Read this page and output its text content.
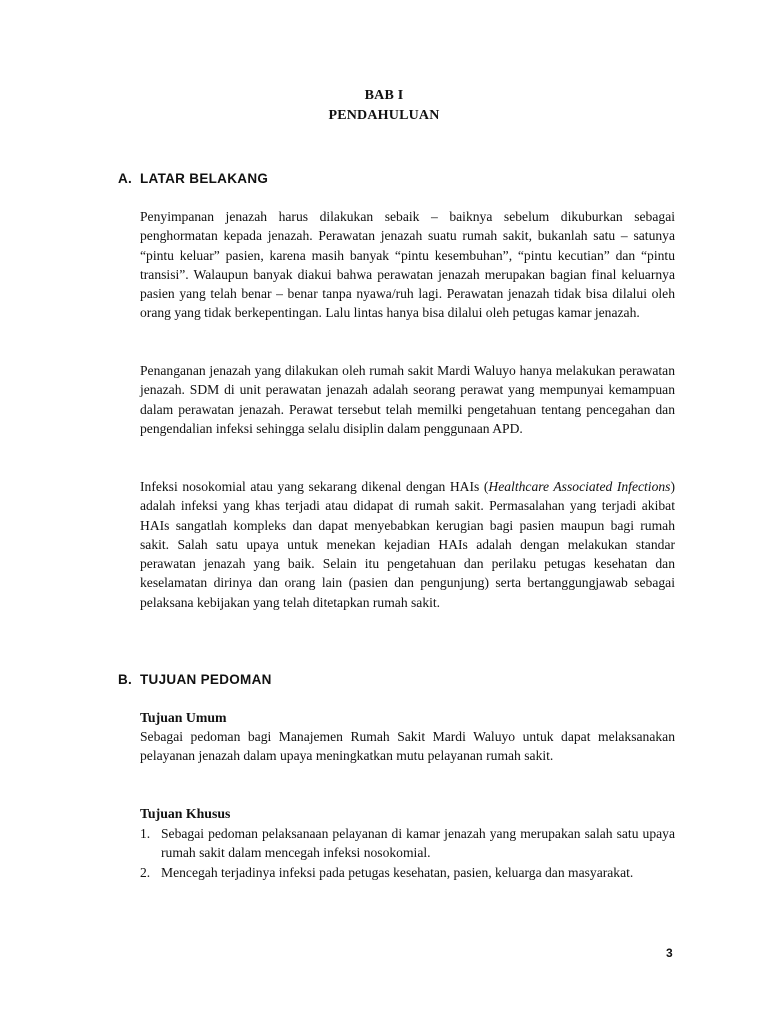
BAB I
PENDAHULUAN
A. LATAR BELAKANG

Penyimpanan jenazah harus dilakukan sebaik – baiknya sebelum dikuburkan sebagai penghormatan kepada jenazah. Perawatan jenazah suatu rumah sakit, bukanlah satu – satunya “pintu keluar” pasien, karena masih banyak “pintu kesembuhan”, “pintu kecutian” dan “pintu transisi”. Walaupun banyak diakui bahwa perawatan jenazah merupakan bagian final keluarnya pasien yang telah benar – benar tanpa nyawa/ruh lagi. Perawatan jenazah tidak bisa dilalui oleh orang yang tidak berkepentingan. Lalu lintas hanya bisa dilalui oleh petugas kamar jenazah.

Penanganan jenazah yang dilakukan oleh rumah sakit Mardi Waluyo hanya melakukan perawatan jenazah. SDM di unit perawatan jenazah adalah seorang perawat yang mempunyai kemampuan dalam perawatan jenazah. Perawat tersebut telah memilki pengetahuan tentang pencegahan dan pengendalian infeksi sehingga selalu disiplin dalam penggunaan APD.

Infeksi nosokomial atau yang sekarang dikenal dengan HAIs (Healthcare Associated Infections) adalah infeksi yang khas terjadi atau didapat di rumah sakit. Permasalahan yang terjadi akibat HAIs sangatlah kompleks dan dapat menyebabkan kerugian bagi pasien maupun bagi rumah sakit. Salah satu upaya untuk menekan kejadian HAIs adalah dengan melakukan standar perawatan jenazah yang baik. Selain itu pengetahuan dan perilaku petugas kesehatan dan keselamatan dirinya dan orang lain (pasien dan pengunjung) serta bertanggungjawab sebagai pelaksana kebijakan yang telah ditetapkan rumah sakit.

B. TUJUAN PEDOMAN
Tujuan Umum

Sebagai pedoman bagi Manajemen Rumah Sakit Mardi Waluyo untuk dapat melaksanakan pelayanan jenazah dalam upaya meningkatkan mutu pelayanan rumah sakit.

Tujuan Khusus
1. Sebagai pedoman pelaksanaan pelayanan di kamar jenazah yang merupakan salah satu upaya rumah sakit dalam mencegah infeksi nosokomial.
2. Mencegah terjadinya infeksi pada petugas kesehatan, pasien, keluarga dan masyarakat.
3
